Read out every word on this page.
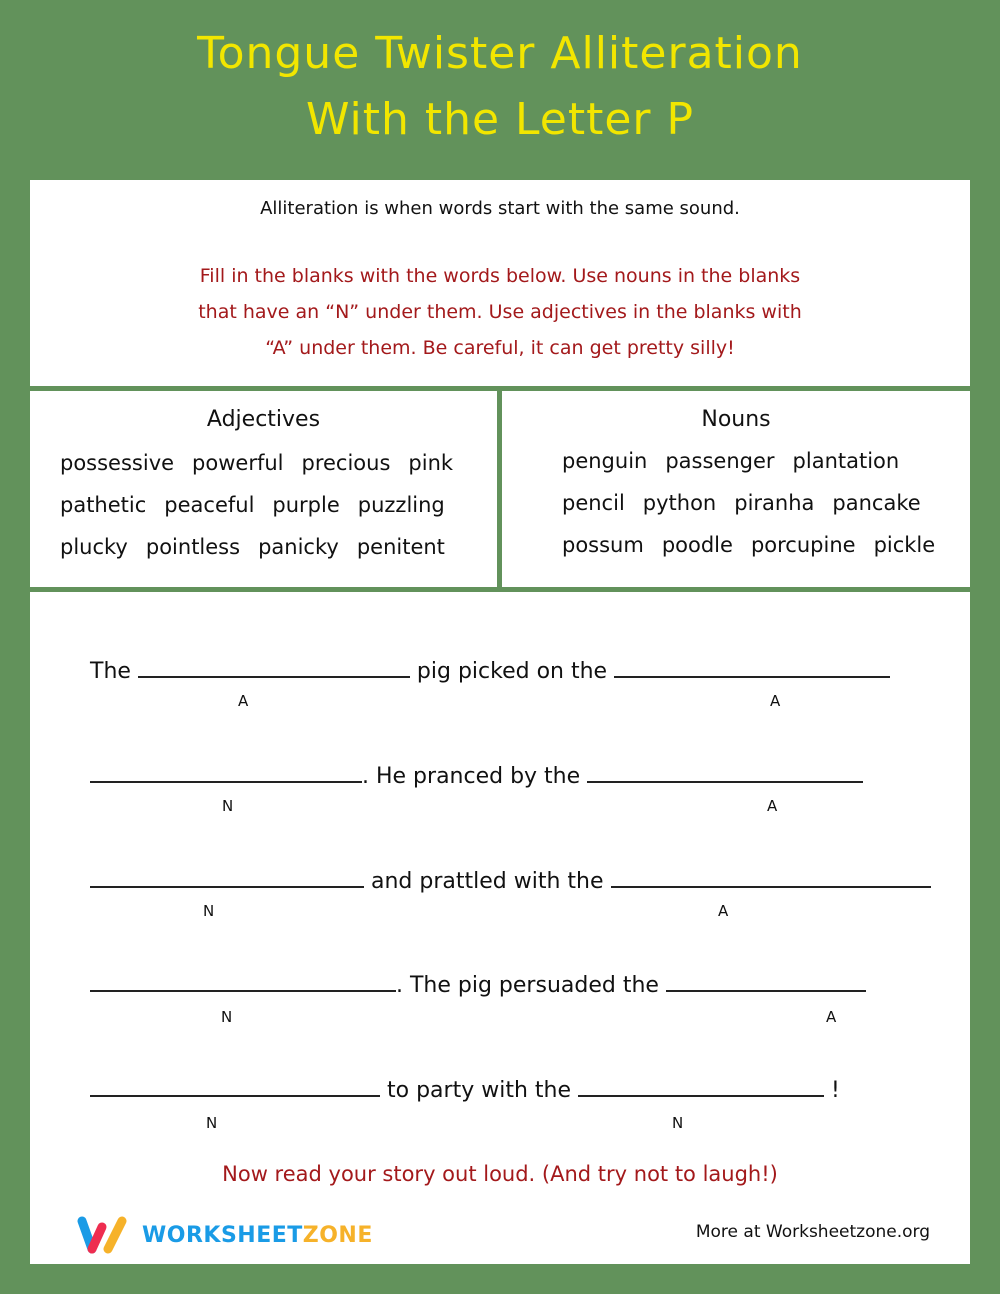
Tongue Twister Alliteration
With the Letter P
Alliteration is when words start with the same sound.
Fill in the blanks with the words below. Use nouns in the blanks
that have an “N” under them. Use adjectives in the blanks with
“A” under them. Be careful, it can get pretty silly!
Adjectives
possessive powerful precious pink
pathetic peaceful purple puzzling
plucky pointless panicky penitent
Nouns
penguin passenger plantation
pencil python piranha pancake
possum poodle porcupine pickle
The	pig picked on the
A	A
. He pranced by the
N	A
and prattled with the
N	A
. The pig persuaded the
N	A
to party with the	!
N	N
Now read your story out loud. (And try not to laugh!)
WORKSHEETZONE	More at Worksheetzone.org
